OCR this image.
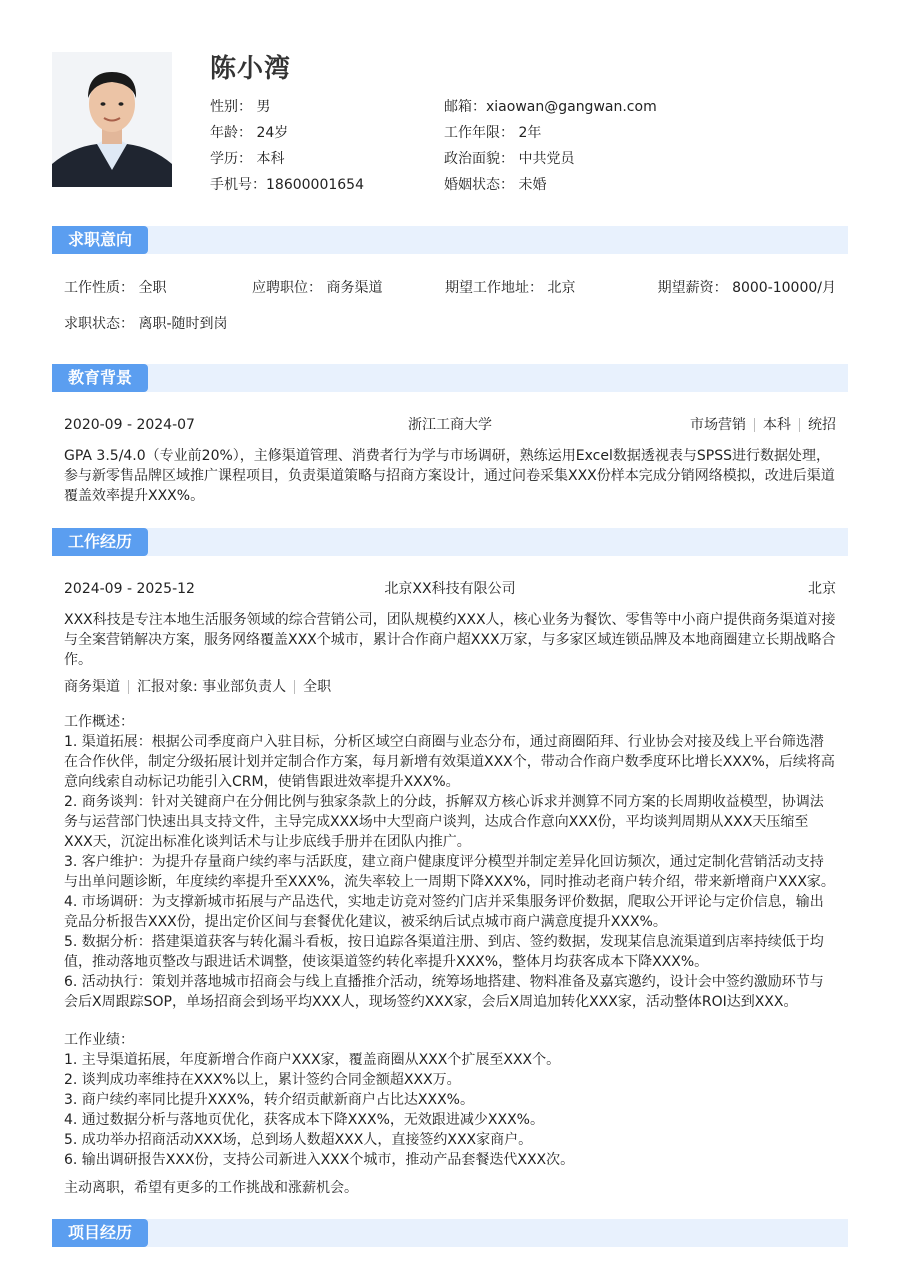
陈小湾
性别： 男
年龄： 24岁
学历： 本科
手机号：18600001654
邮箱：xiaowan@gangwan.com
工作年限： 2年
政治面貌： 中共党员
婚姻状态： 未婚
求职意向
工作性质： 全职	应聘职位： 商务渠道	期望工作地址： 北京	期望薪资： 8000-10000/月
求职状态： 离职-随时到岗
教育背景
2020-09 - 2024-07	浙江工商大学	市场营销 本科 统招

GPA 3.5/4.0（专业前20%），主修渠道管理、消费者行为学与市场调研，熟练运用Excel数据透视表与SPSS进行数据处理，参与新零售品牌区域推广课程项目，负责渠道策略与招商方案设计，通过问卷采集XXX份样本完成分销网络模拟，改进后渠道覆盖效率提升XXX%。

工作经历
2024-09 - 2025-12	北京XX科技有限公司	北京

XXX科技是专注本地生活服务领域的综合营销公司，团队规模约XXX人，核心业务为餐饮、零售等中小商户提供商务渠道对接与全案营销解决方案，服务网络覆盖XXX个城市，累计合作商户超XXX万家，与多家区域连锁品牌及本地商圈建立长期战略合作。

商务渠道 汇报对象: 事业部负责人 全职
工作概述：

1. 渠道拓展：根据公司季度商户入驻目标，分析区域空白商圈与业态分布，通过商圈陌拜、行业协会对接及线上平台筛选潜在合作伙伴，制定分级拓展计划并定制合作方案，每月新增有效渠道XXX个，带动合作商户数季度环比增长XXX%，后续将高意向线索自动标记功能引入CRM，使销售跟进效率提升XXX%。

2. 商务谈判：针对关键商户在分佣比例与独家条款上的分歧，拆解双方核心诉求并测算不同方案的长周期收益模型，协调法务与运营部门快速出具支持文件，主导完成XXX场中大型商户谈判，达成合作意向XXX份，平均谈判周期从XXX天压缩至XXX天，沉淀出标准化谈判话术与让步底线手册并在团队内推广。

3. 客户维护：为提升存量商户续约率与活跃度，建立商户健康度评分模型并制定差异化回访频次，通过定制化营销活动支持与出单问题诊断，年度续约率提升至XXX%，流失率较上一周期下降XXX%，同时推动老商户转介绍，带来新增商户XXX家。

4. 市场调研：为支撑新城市拓展与产品迭代，实地走访竞对签约门店并采集服务评价数据，爬取公开评论与定价信息，输出竞品分析报告XXX份，提出定价区间与套餐优化建议，被采纳后试点城市商户满意度提升XXX%。

5. 数据分析：搭建渠道获客与转化漏斗看板，按日追踪各渠道注册、到店、签约数据，发现某信息流渠道到店率持续低于均值，推动落地页整改与跟进话术调整，使该渠道签约转化率提升XXX%，整体月均获客成本下降XXX%。

6. 活动执行：策划并落地城市招商会与线上直播推介活动，统筹场地搭建、物料准备及嘉宾邀约，设计会中签约激励环节与会后X周跟踪SOP，单场招商会到场平均XXX人，现场签约XXX家，会后X周追加转化XXX家，活动整体ROI达到XXX。

工作业绩：

1. 主导渠道拓展，年度新增合作商户XXX家，覆盖商圈从XXX个扩展至XXX个。

2. 谈判成功率维持在XXX%以上，累计签约合同金额超XXX万。

3. 商户续约率同比提升XXX%，转介绍贡献新商户占比达XXX%。

4. 通过数据分析与落地页优化，获客成本下降XXX%，无效跟进减少XXX%。

5. 成功举办招商活动XXX场，总到场人数超XXX人，直接签约XXX家商户。

6. 输出调研报告XXX份，支持公司新进入XXX个城市，推动产品套餐迭代XXX次。

主动离职，希望有更多的工作挑战和涨薪机会。

项目经历
